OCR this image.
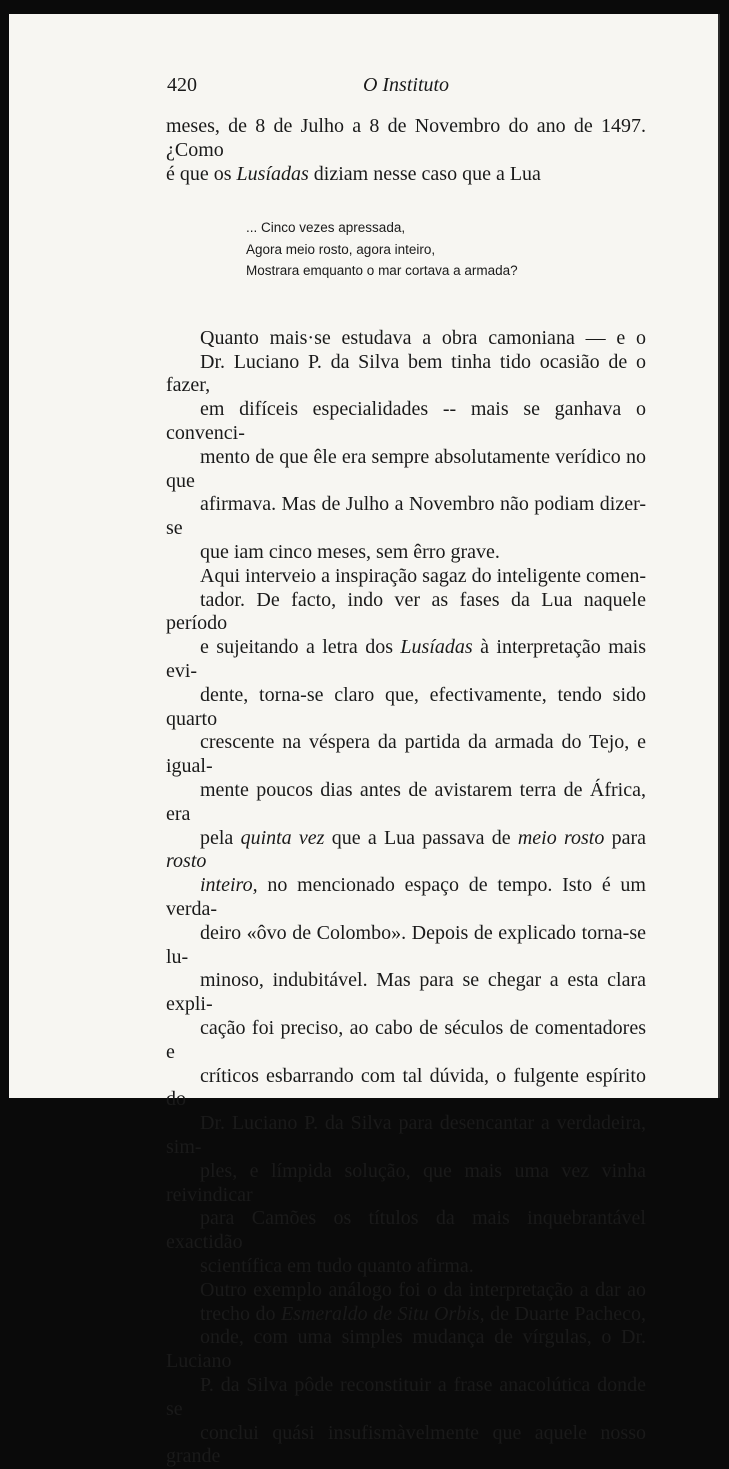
420	O Instituto

meses, de 8 de Julho a 8 de Novembro do ano de 1497. ¿Como
é que os Lusíadas diziam nesse caso que a Lua

... Cinco vezes apressada,
Agora meio rosto, agora inteiro,
Mostrara emquanto o mar cortava a armada?

Quanto mais·se estudava a obra camoniana — e o
Dr. Luciano P. da Silva bem tinha tido ocasião de o fazer,
em difíceis especialidades -- mais se ganhava o convenci-
mento de que êle era sempre absolutamente verídico no que
afirmava. Mas de Julho a Novembro não podiam dizer-se
que iam cinco meses, sem êrro grave.

Aqui interveio a inspiração sagaz do inteligente comen-
tador. De facto, indo ver as fases da Lua naquele período
e sujeitando a letra dos Lusíadas à interpretação mais evi-
dente, torna-se claro que, efectivamente, tendo sido quarto
crescente na véspera da partida da armada do Tejo, e igual-
mente poucos dias antes de avistarem terra de África, era
pela quinta vez que a Lua passava de meio rosto para rosto
inteiro, no mencionado espaço de tempo. Isto é um verda-
deiro «ôvo de Colombo». Depois de explicado torna-se lu-
minoso, indubitável. Mas para se chegar a esta clara expli-
cação foi preciso, ao cabo de séculos de comentadores e
críticos esbarrando com tal dúvida, o fulgente espírito do
Dr. Luciano P. da Silva para desencantar a verdadeira, sim-
ples, e límpida solução, que mais uma vez vinha reivindicar
para Camões os títulos da mais inquebrantável exactidão
scientífica em tudo quanto afirma.

Outro exemplo análogo foi o da interpretação a dar ao
trecho do Esmeraldo de Situ Orbis, de Duarte Pacheco,
onde, com uma simples mudança de vírgulas, o Dr. Luciano
P. da Silva pôde reconstituir a frase anacolútica donde se
conclui quási insufismàvelmente que aquele nosso grande
